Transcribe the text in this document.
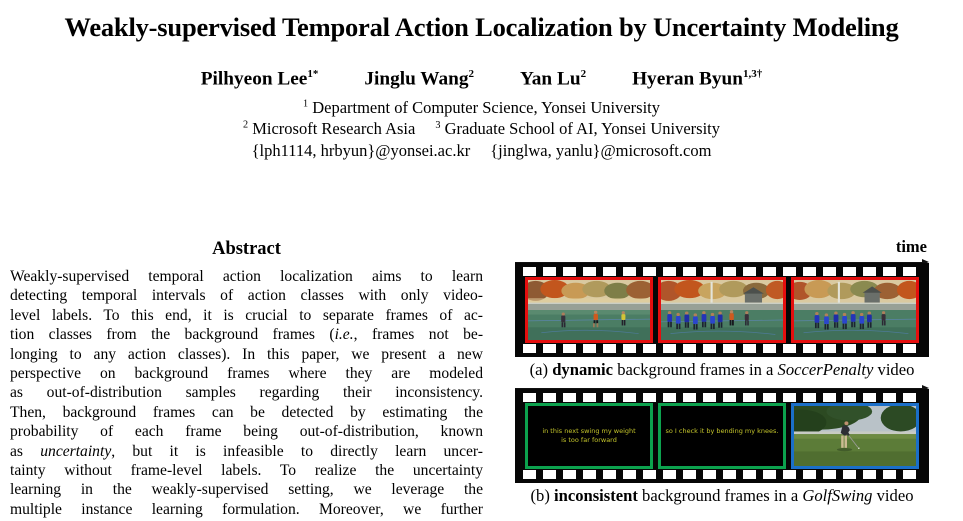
Weakly-supervised Temporal Action Localization by Uncertainty Modeling
Pilhyeon Lee$^{1*}$ Jinglu Wang$^2$ Yan Lu$^2$ Hyeran Byun$^{1,3\dagger}$
$^1$ Department of Computer Science, Yonsei University
$^2$ Microsoft Research Asia $^3$ Graduate School of AI, Yonsei University
{lph1114, hrbyun}@yonsei.ac.kr {jinglwa, yanlu}@microsoft.com
Abstract
Weakly-supervised temporal action localization aims to learn
detecting temporal intervals of action classes with only video-
level labels. To this end, it is crucial to separate frames of ac-
tion classes from the background frames (i.e., frames not be-
longing to any action classes). In this paper, we present a new
perspective on background frames where they are modeled
as out-of-distribution samples regarding their inconsistency.
Then, background frames can be detected by estimating the
probability of each frame being out-of-distribution, known
as uncertainty, but it is infeasible to directly learn uncer-
tainty without frame-level labels. To realize the uncertainty
learning in the weakly-supervised setting, we leverage the
multiple instance learning formulation. Moreover, we further
time
(a) dynamic background frames in a SoccerPenalty video
in this next swing my weight
is too far forward
so I check it by bending my knees.
(b) inconsistent background frames in a GolfSwing video
